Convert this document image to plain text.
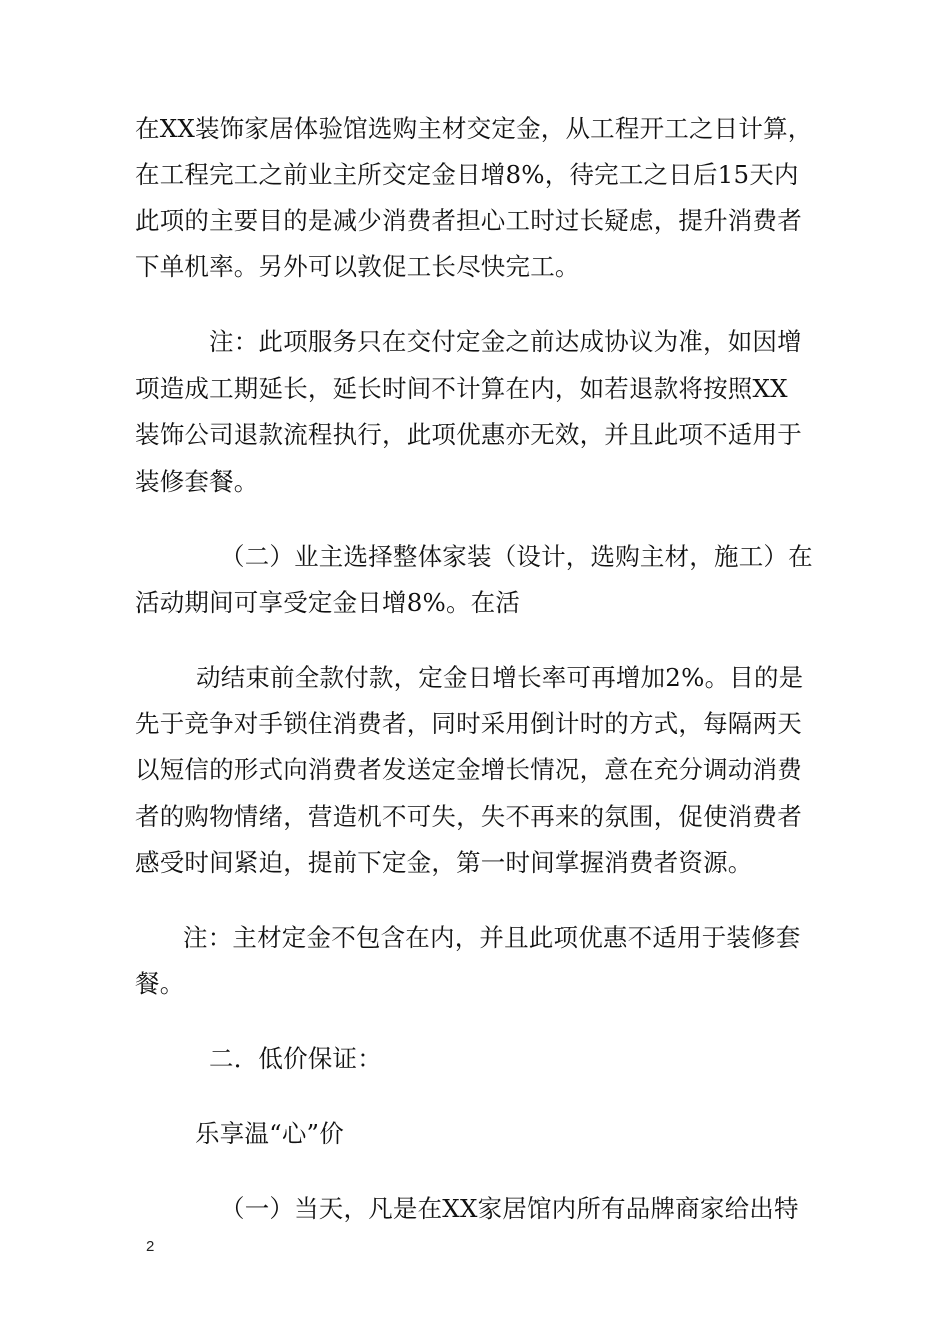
在XX装饰家居体验馆选购主材交定金，从工程开工之日计算，
在工程完工之前业主所交定金日增8%，待完工之日后15天内
此项的主要目的是减少消费者担心工时过长疑虑，提升消费者
下单机率。另外可以敦促工长尽快完工。
注：此项服务只在交付定金之前达成协议为准，如因增
项造成工期延长，延长时间不计算在内，如若退款将按照XX
装饰公司退款流程执行，此项优惠亦无效，并且此项不适用于
装修套餐。
（二）业主选择整体家装（设计，选购主材，施工）在
活动期间可享受定金日增8%。在活
动结束前全款付款，定金日增长率可再增加2%。目的是
先于竞争对手锁住消费者，同时采用倒计时的方式，每隔两天
以短信的形式向消费者发送定金增长情况，意在充分调动消费
者的购物情绪，营造机不可失，失不再来的氛围，促使消费者
感受时间紧迫，提前下定金，第一时间掌握消费者资源。
注：主材定金不包含在内，并且此项优惠不适用于装修套
餐。
二．低价保证：
乐享温“心”价
（一）当天，凡是在XX家居馆内所有品牌商家给出特
2
